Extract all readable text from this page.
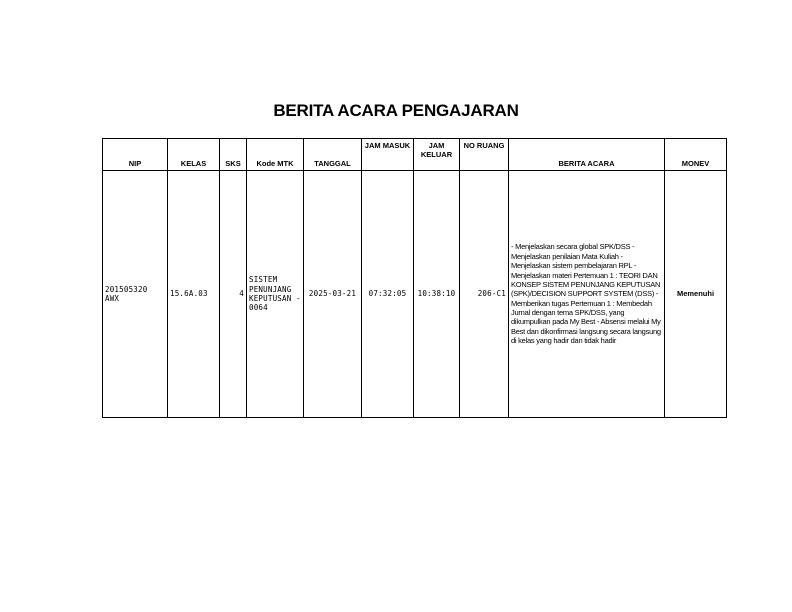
BERITA ACARA PENGAJARAN
NIP	KELAS	SKS	Kode MTK	TANGGAL	JAM MASUK	JAM KELUAR	NO RUANG	BERITA ACARA	MONEV
201505320 AWX	15.6A.03	4	SISTEM PENUNJANG KEPUTUSAN - 0064	2025-03-21	07:32:05	10:38:10	206-C1	- Menjelaskan secara global SPK/DSS - Menjelaskan penilaian Mata Kuliah - Menjelaskan sistem pembelajaran RPL - Menjelaskan materi Pertemuan 1 : TEORI DAN KONSEP SISTEM PENUNJANG KEPUTUSAN (SPK)/DECISION SUPPORT SYSTEM (DSS) - Memberikan tugas Pertemuan 1 : Membedah Jurnal dengan tema SPK/DSS, yang dikumpulkan pada My Best - Absensi melalui My Best dan dikonfirmasi langsung secara langsung di kelas yang hadir dan tidak hadir	Memenuhi
